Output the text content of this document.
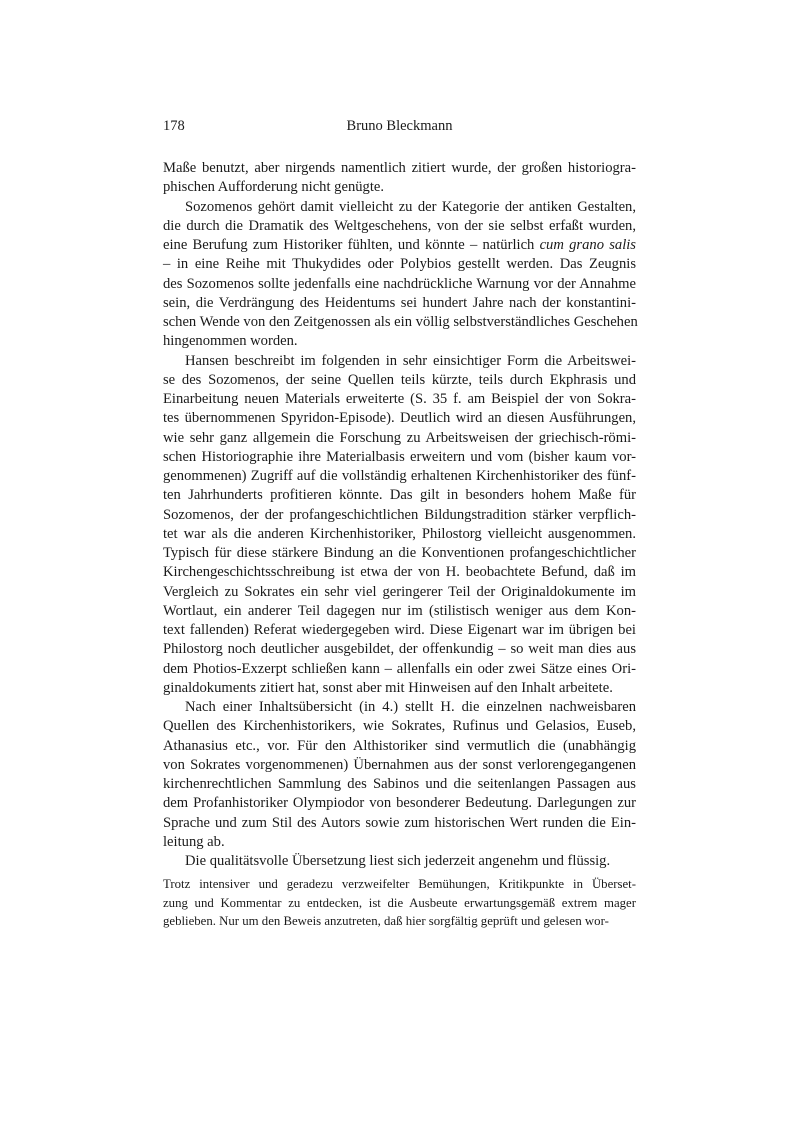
178	Bruno Bleckmann
Maße benutzt, aber nirgends namentlich zitiert wurde, der großen historiogra-
phischen Aufforderung nicht genügte.
Sozomenos gehört damit vielleicht zu der Kategorie der antiken Gestalten,
die durch die Dramatik des Weltgeschehens, von der sie selbst erfaßt wurden,
eine Berufung zum Historiker fühlten, und könnte – natürlich cum grano salis
– in eine Reihe mit Thukydides oder Polybios gestellt werden. Das Zeugnis
des Sozomenos sollte jedenfalls eine nachdrückliche Warnung vor der Annahme
sein, die Verdrängung des Heidentums sei hundert Jahre nach der konstantini-
schen Wende von den Zeitgenossen als ein völlig selbstverständliches Geschehen
hingenommen worden.
Hansen beschreibt im folgenden in sehr einsichtiger Form die Arbeitswei-
se des Sozomenos, der seine Quellen teils kürzte, teils durch Ekphrasis und
Einarbeitung neuen Materials erweiterte (S. 35 f. am Beispiel der von Sokra-
tes übernommenen Spyridon-Episode). Deutlich wird an diesen Ausführungen,
wie sehr ganz allgemein die Forschung zu Arbeitsweisen der griechisch-römi-
schen Historiographie ihre Materialbasis erweitern und vom (bisher kaum vor-
genommenen) Zugriff auf die vollständig erhaltenen Kirchenhistoriker des fünf-
ten Jahrhunderts profitieren könnte. Das gilt in besonders hohem Maße für
Sozomenos, der der profangeschichtlichen Bildungstradition stärker verpflich-
tet war als die anderen Kirchenhistoriker, Philostorg vielleicht ausgenommen.
Typisch für diese stärkere Bindung an die Konventionen profangeschichtlicher
Kirchengeschichtsschreibung ist etwa der von H. beobachtete Befund, daß im
Vergleich zu Sokrates ein sehr viel geringerer Teil der Originaldokumente im
Wortlaut, ein anderer Teil dagegen nur im (stilistisch weniger aus dem Kon-
text fallenden) Referat wiedergegeben wird. Diese Eigenart war im übrigen bei
Philostorg noch deutlicher ausgebildet, der offenkundig – so weit man dies aus
dem Photios-Exzerpt schließen kann – allenfalls ein oder zwei Sätze eines Ori-
ginaldokuments zitiert hat, sonst aber mit Hinweisen auf den Inhalt arbeitete.
Nach einer Inhaltsübersicht (in 4.) stellt H. die einzelnen nachweisbaren
Quellen des Kirchenhistorikers, wie Sokrates, Rufinus und Gelasios, Euseb,
Athanasius etc., vor. Für den Althistoriker sind vermutlich die (unabhängig
von Sokrates vorgenommenen) Übernahmen aus der sonst verlorengegangenen
kirchenrechtlichen Sammlung des Sabinos und die seitenlangen Passagen aus
dem Profanhistoriker Olympiodor von besonderer Bedeutung. Darlegungen zur
Sprache und zum Stil des Autors sowie zum historischen Wert runden die Ein-
leitung ab.
Die qualitätsvolle Übersetzung liest sich jederzeit angenehm und flüssig.
Trotz intensiver und geradezu verzweifelter Bemühungen, Kritikpunkte in Überset-
zung und Kommentar zu entdecken, ist die Ausbeute erwartungsgemäß extrem mager
geblieben. Nur um den Beweis anzutreten, daß hier sorgfältig geprüft und gelesen wor-
